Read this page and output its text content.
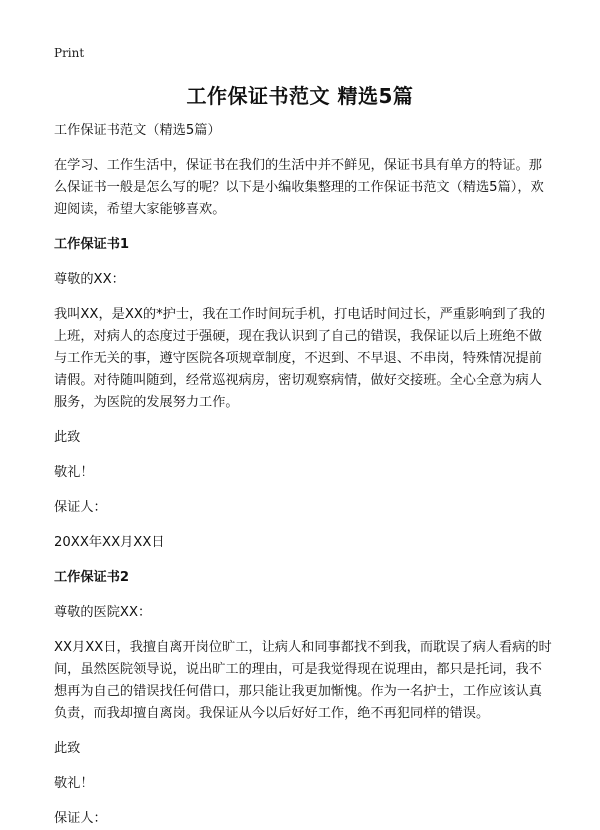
Print
工作保证书范文 精选5篇

工作保证书范文（精选5篇）

在学习、工作生活中，保证书在我们的生活中并不鲜见，保证书具有单方的特证。那么保证书一般是怎么写的呢？以下是小编收集整理的工作保证书范文（精选5篇），欢迎阅读，希望大家能够喜欢。

工作保证书1

尊敬的XX：

我叫XX，是XX的*护士，我在工作时间玩手机，打电话时间过长，严重影响到了我的上班，对病人的态度过于强硬，现在我认识到了自己的错误，我保证以后上班绝不做与工作无关的事，遵守医院各项规章制度，不迟到、不早退、不串岗，特殊情况提前请假。对待随叫随到，经常巡视病房，密切观察病情，做好交接班。全心全意为病人服务，为医院的发展努力工作。

此致

敬礼！

保证人：

20XX年XX月XX日

工作保证书2

尊敬的医院XX：

XX月XX日，我擅自离开岗位旷工，让病人和同事都找不到我，而耽误了病人看病的时间，虽然医院领导说，说出旷工的理由，可是我觉得现在说理由，都只是托词，我不想再为自己的错误找任何借口，那只能让我更加惭愧。作为一名护士，工作应该认真负责，而我却擅自离岗。我保证从今以后好好工作，绝不再犯同样的错误。

此致

敬礼！

保证人：
